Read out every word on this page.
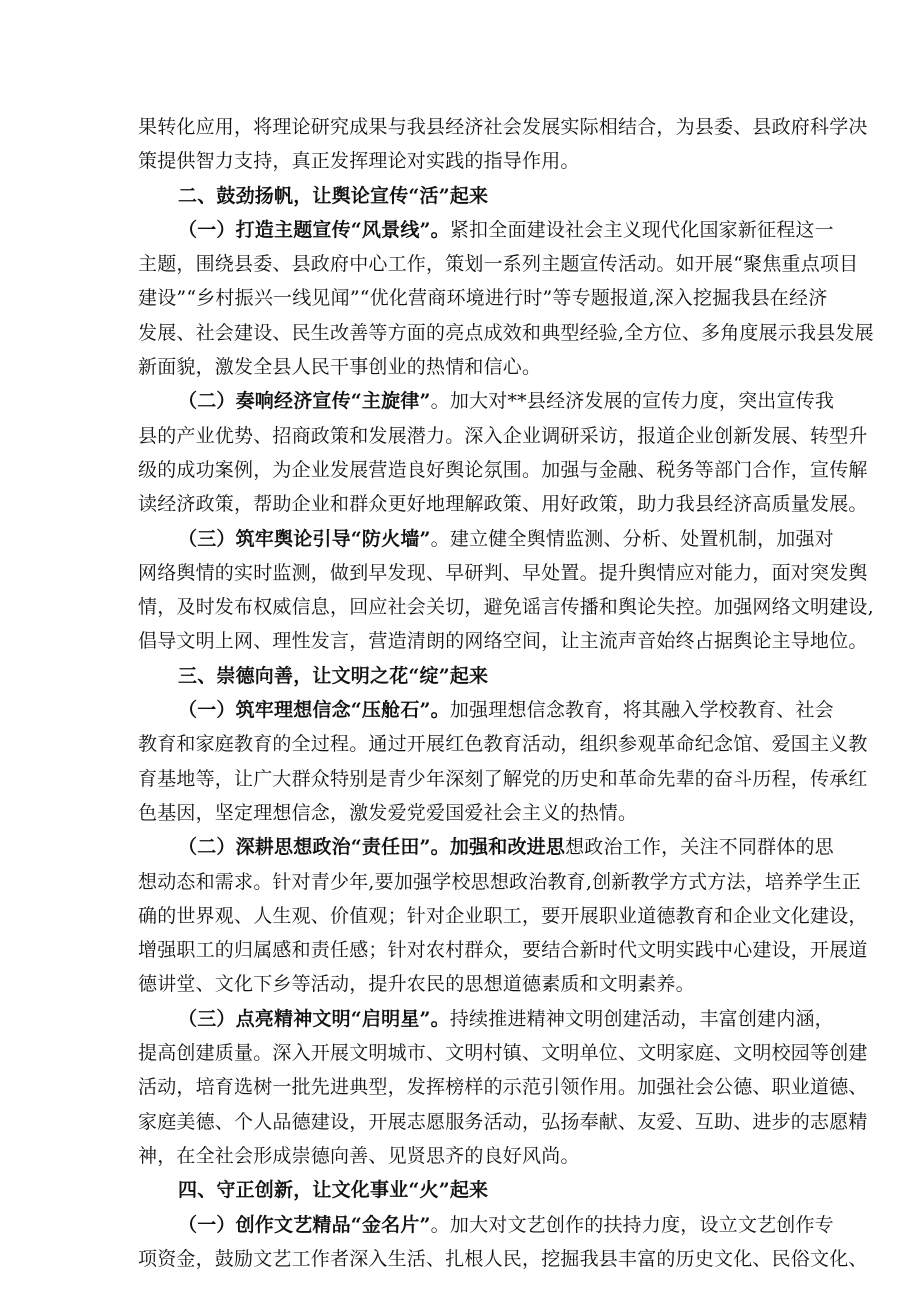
果转化应用，将理论研究成果与我县经济社会发展实际相结合，为县委、县政府科学决
策提供智力支持，真正发挥理论对实践的指导作用。
二、鼓劲扬帆，让舆论宣传“活”起来
（一）打造主题宣传“风景线”。紧扣全面建设社会主义现代化国家新征程这一
主题，围绕县委、县政府中心工作，策划一系列主题宣传活动。如开展“聚焦重点项目
建设”“乡村振兴一线见闻”“优化营商环境进行时”等专题报道,深入挖掘我县在经济
发展、社会建设、民生改善等方面的亮点成效和典型经验,全方位、多角度展示我县发展
新面貌，激发全县人民干事创业的热情和信心。
（二）奏响经济宣传“主旋律”。加大对**县经济发展的宣传力度，突出宣传我
县的产业优势、招商政策和发展潜力。深入企业调研采访，报道企业创新发展、转型升
级的成功案例，为企业发展营造良好舆论氛围。加强与金融、税务等部门合作，宣传解
读经济政策，帮助企业和群众更好地理解政策、用好政策，助力我县经济高质量发展。
（三）筑牢舆论引导“防火墙”。建立健全舆情监测、分析、处置机制，加强对
网络舆情的实时监测，做到早发现、早研判、早处置。提升舆情应对能力，面对突发舆
情，及时发布权威信息，回应社会关切，避免谣言传播和舆论失控。加强网络文明建设,
倡导文明上网、理性发言，营造清朗的网络空间，让主流声音始终占据舆论主导地位。
三、崇德向善，让文明之花“绽”起来
（一）筑牢理想信念“压舱石”。加强理想信念教育，将其融入学校教育、社会
教育和家庭教育的全过程。通过开展红色教育活动，组织参观革命纪念馆、爱国主义教
育基地等，让广大群众特别是青少年深刻了解党的历史和革命先辈的奋斗历程，传承红
色基因，坚定理想信念，激发爱党爱国爱社会主义的热情。
（二）深耕思想政治“责任田”。加强和改进思想政治工作，关注不同群体的思
想动态和需求。针对青少年,要加强学校思想政治教育,创新教学方式方法，培养学生正
确的世界观、人生观、价值观；针对企业职工，要开展职业道德教育和企业文化建设，
增强职工的归属感和责任感；针对农村群众，要结合新时代文明实践中心建设，开展道
德讲堂、文化下乡等活动，提升农民的思想道德素质和文明素养。
（三）点亮精神文明“启明星”。持续推进精神文明创建活动，丰富创建内涵，
提高创建质量。深入开展文明城市、文明村镇、文明单位、文明家庭、文明校园等创建
活动，培育选树一批先进典型，发挥榜样的示范引领作用。加强社会公德、职业道德、
家庭美德、个人品德建设，开展志愿服务活动，弘扬奉献、友爱、互助、进步的志愿精
神，在全社会形成崇德向善、见贤思齐的良好风尚。
四、守正创新，让文化事业“火”起来
（一）创作文艺精品“金名片”。加大对文艺创作的扶持力度，设立文艺创作专
项资金，鼓励文艺工作者深入生活、扎根人民，挖掘我县丰富的历史文化、民俗文化、
